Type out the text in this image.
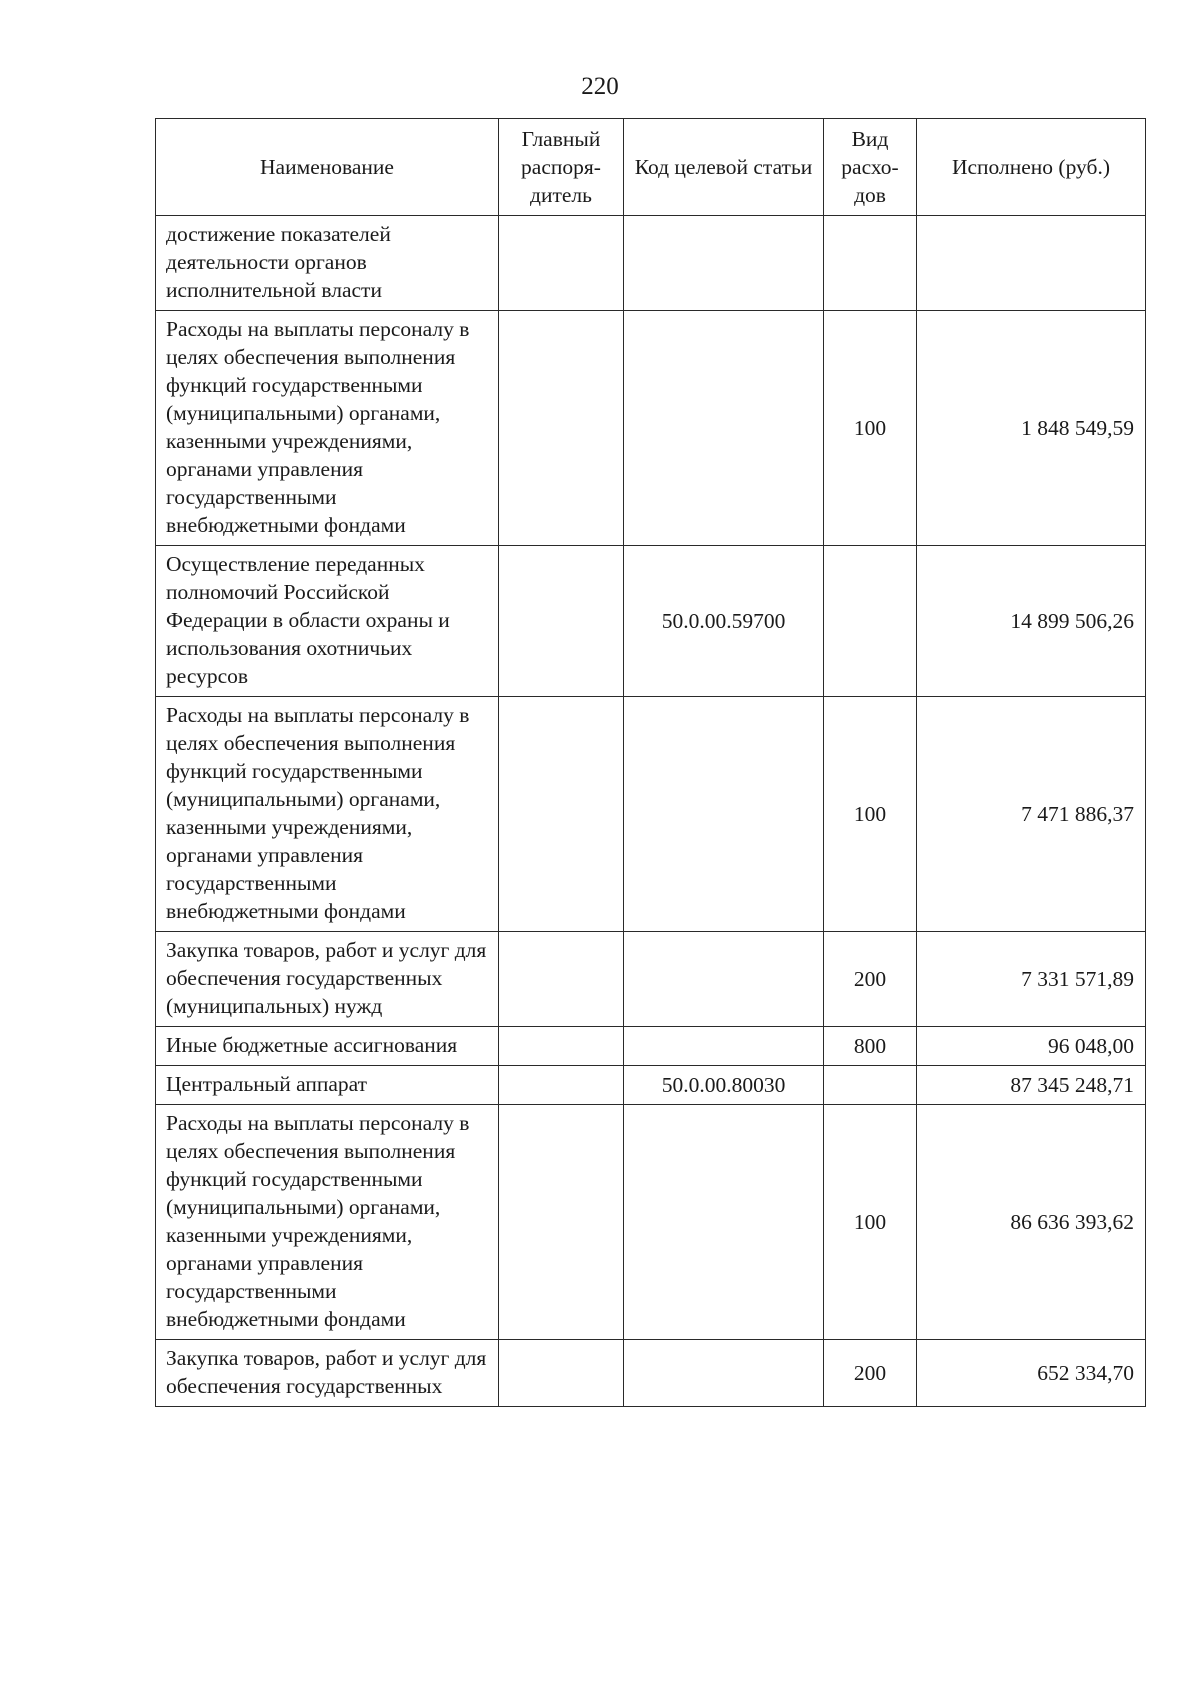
220
Наименование	Главный распоря-дитель	Код целевой статьи	Вид расхо-дов	Исполнено (руб.)
достижение показателей деятельности органов исполнительной власти				
Расходы на выплаты персоналу в целях обеспечения выполнения функций государственными (муниципальными) органами, казенными учреждениями, органами управления государственными внебюджетными фондами			100	1 848 549,59
Осуществление переданных полномочий Российской Федерации в области охраны и использования охотничьих ресурсов		50.0.00.59700		14 899 506,26
Расходы на выплаты персоналу в целях обеспечения выполнения функций государственными (муниципальными) органами, казенными учреждениями, органами управления государственными внебюджетными фондами			100	7 471 886,37
Закупка товаров, работ и услуг для обеспечения государственных (муниципальных) нужд			200	7 331 571,89
Иные бюджетные ассигнования			800	96 048,00
Центральный аппарат		50.0.00.80030		87 345 248,71
Расходы на выплаты персоналу в целях обеспечения выполнения функций государственными (муниципальными) органами, казенными учреждениями, органами управления государственными внебюджетными фондами			100	86 636 393,62
Закупка товаров, работ и услуг для обеспечения государственных			200	652 334,70
